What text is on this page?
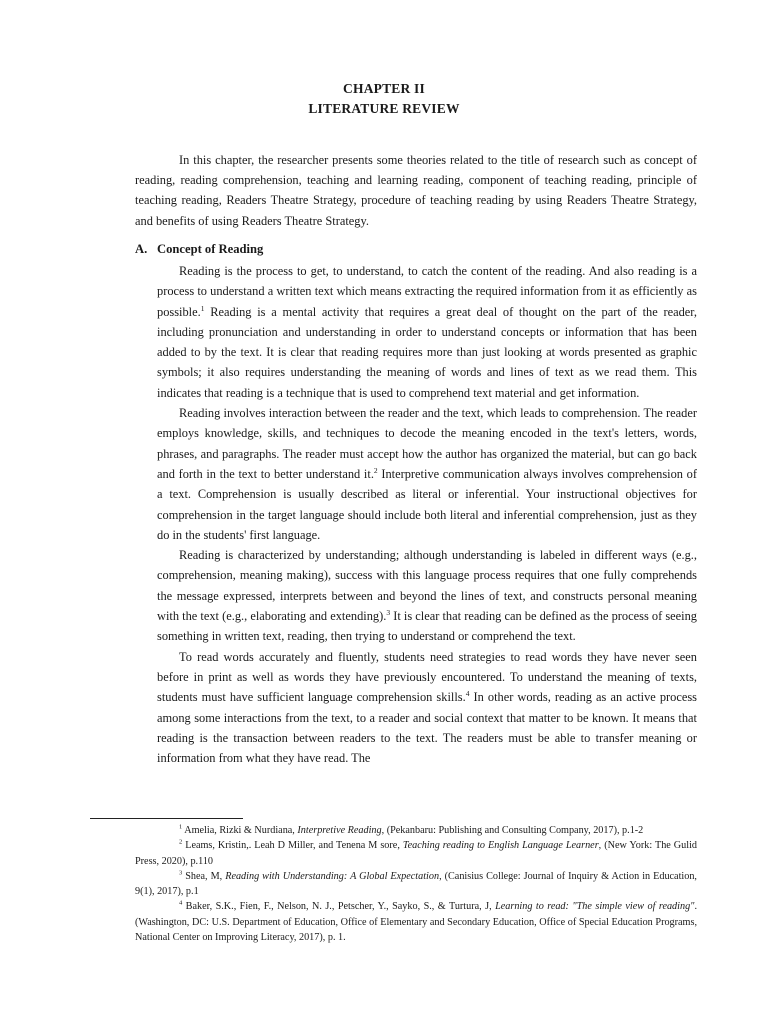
CHAPTER II
LITERATURE REVIEW

In this chapter, the researcher presents some theories related to the title of research such as concept of reading, reading comprehension, teaching and learning reading, component of teaching reading, principle of teaching reading, Readers Theatre Strategy, procedure of teaching reading by using Readers Theatre Strategy, and benefits of using Readers Theatre Strategy.

A. Concept of Reading

Reading is the process to get, to understand, to catch the content of the reading. And also reading is a process to understand a written text which means extracting the required information from it as efficiently as possible.$^1$ Reading is a mental activity that requires a great deal of thought on the part of the reader, including pronunciation and understanding in order to understand concepts or information that has been added to by the text. It is clear that reading requires more than just looking at words presented as graphic symbols; it also requires understanding the meaning of words and lines of text as we read them. This indicates that reading is a technique that is used to comprehend text material and get information.

Reading involves interaction between the reader and the text, which leads to comprehension. The reader employs knowledge, skills, and techniques to decode the meaning encoded in the text's letters, words, phrases, and paragraphs. The reader must accept how the author has organized the material, but can go back and forth in the text to better understand it.$^2$ Interpretive communication always involves comprehension of a text. Comprehension is usually described as literal or inferential. Your instructional objectives for comprehension in the target language should include both literal and inferential comprehension, just as they do in the students' first language.

Reading is characterized by understanding; although understanding is labeled in different ways (e.g., comprehension, meaning making), success with this language process requires that one fully comprehends the message expressed, interprets between and beyond the lines of text, and constructs personal meaning with the text (e.g., elaborating and extending).$^3$ It is clear that reading can be defined as the process of seeing something in written text, reading, then trying to understand or comprehend the text.

To read words accurately and fluently, students need strategies to read words they have never seen before in print as well as words they have previously encountered. To understand the meaning of texts, students must have sufficient language comprehension skills.$^4$ In other words, reading as an active process among some interactions from the text, to a reader and social context that matter to be known. It means that reading is the transaction between readers to the text. The readers must be able to transfer meaning or information from what they have read. The

$^1$ Amelia, Rizki & Nurdiana, Interpretive Reading, (Pekanbaru: Publishing and Consulting Company, 2017), p.1-2

$^2$ Leams, Kristin,. Leah D Miller, and Tenena M sore, Teaching reading to English Language Learner, (New York: The Gulid Press, 2020), p.110

$^3$ Shea, M, Reading with Understanding: A Global Expectation, (Canisius College: Journal of Inquiry & Action in Education, 9(1), 2017), p.1

$^4$ Baker, S.K., Fien, F., Nelson, N. J., Petscher, Y., Sayko, S., & Turtura, J, Learning to read: "The simple view of reading". (Washington, DC: U.S. Department of Education, Office of Elementary and Secondary Education, Office of Special Education Programs, National Center on Improving Literacy, 2017), p. 1.
